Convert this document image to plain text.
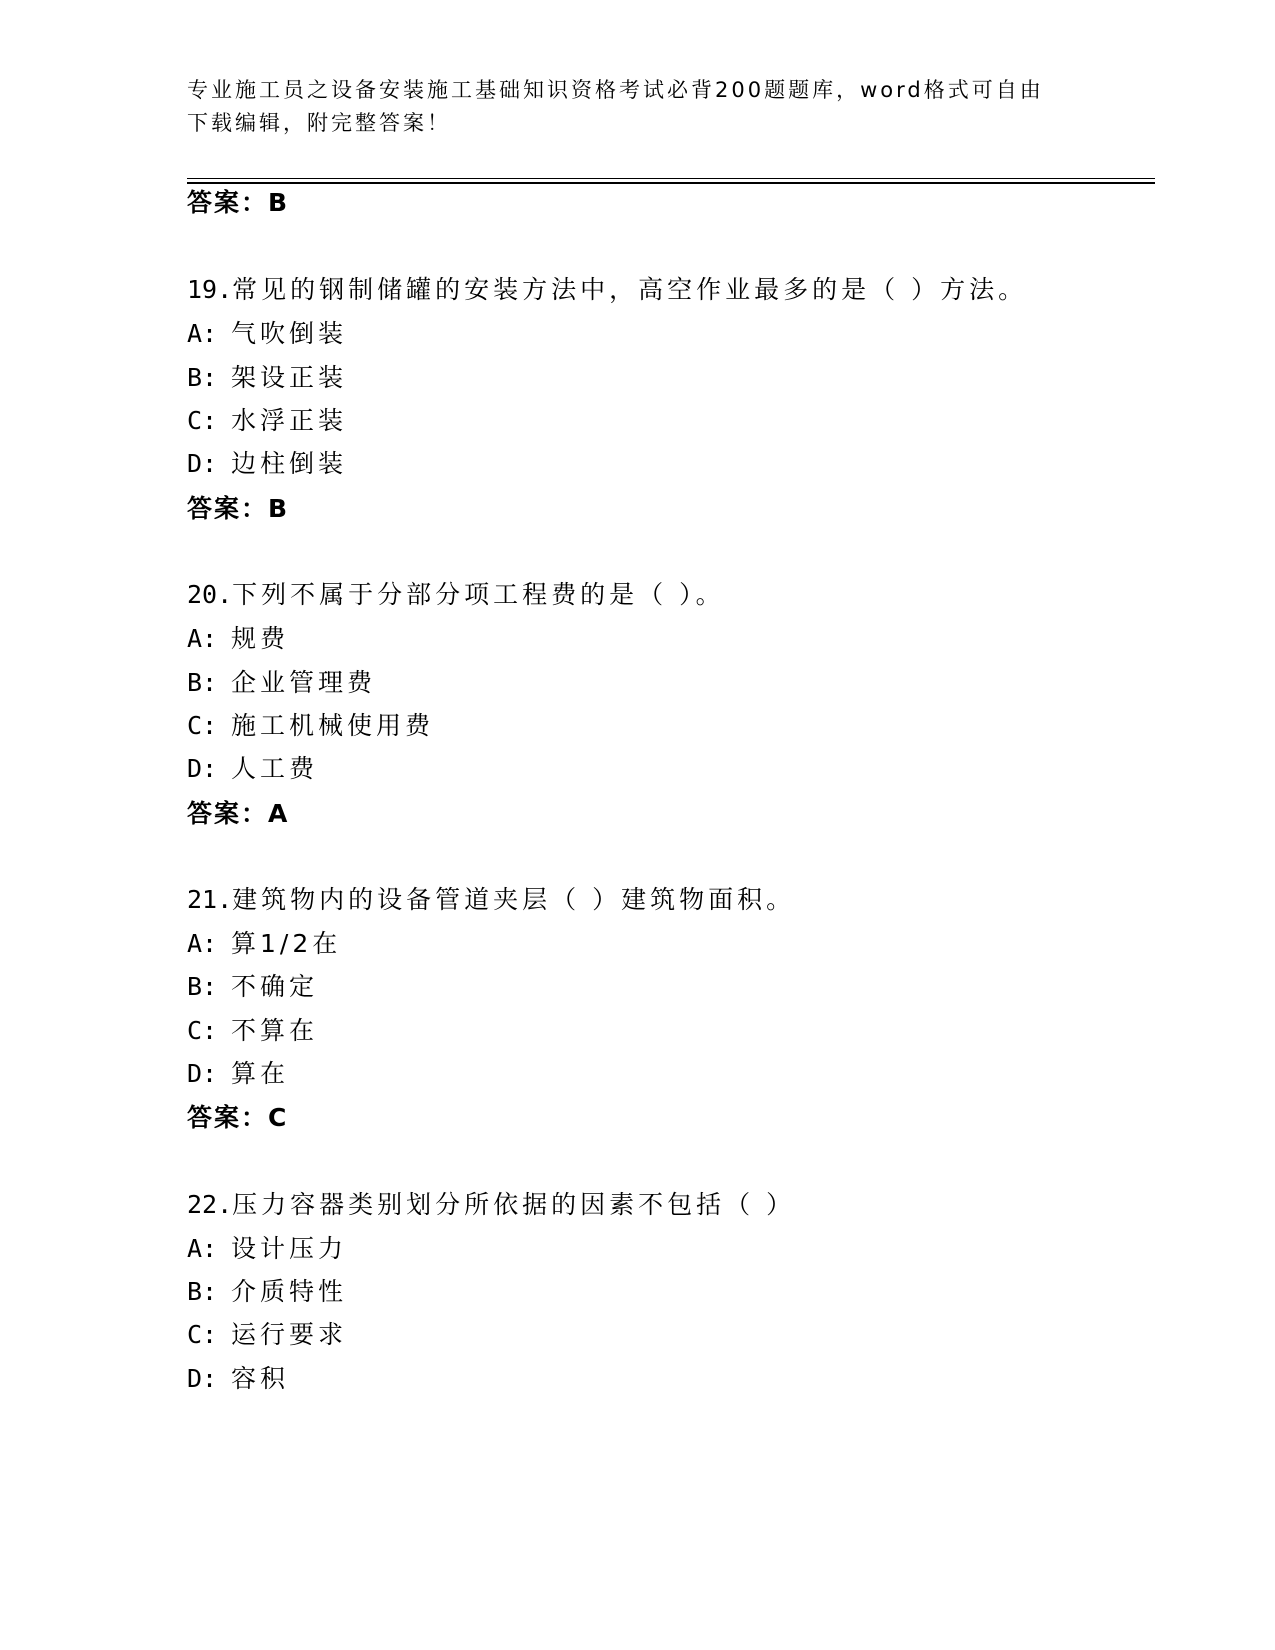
专业施工员之设备安装施工基础知识资格考试必背200题题库，word格式可自由
下载编辑，附完整答案！
答案：B
19.常见的钢制储罐的安装方法中，高空作业最多的是（ ）方法。
A: 气吹倒装
B: 架设正装
C: 水浮正装
D: 边柱倒装
答案：B
20.下列不属于分部分项工程费的是（ ）。
A: 规费
B: 企业管理费
C: 施工机械使用费
D: 人工费
答案：A
21.建筑物内的设备管道夹层（ ）建筑物面积。
A: 算1/2在
B: 不确定
C: 不算在
D: 算在
答案：C
22.压力容器类别划分所依据的因素不包括（ ）
A: 设计压力
B: 介质特性
C: 运行要求
D: 容积
